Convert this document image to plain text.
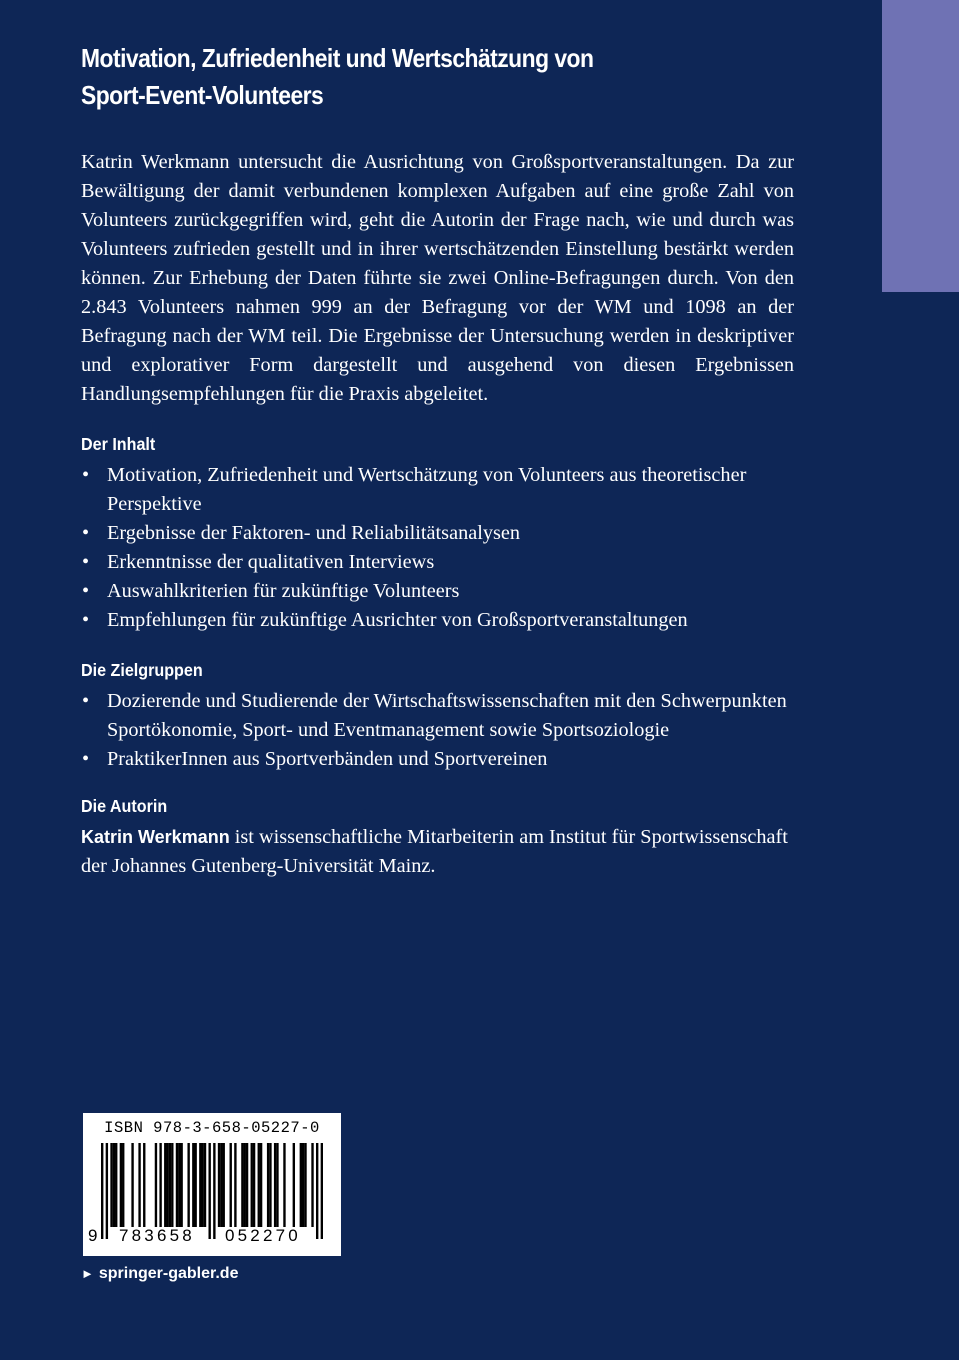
Motivation, Zufriedenheit und Wertschätzung von
Sport-Event-Volunteers

Katrin Werkmann untersucht die Ausrichtung von Großsportveranstaltungen. Da zur Bewältigung der damit verbundenen komplexen Aufgaben auf eine große Zahl von Volunteers zurückgegriffen wird, geht die Autorin der Frage nach, wie und durch was Volunteers zufrieden gestellt und in ihrer wertschätzenden Einstellung bestärkt werden können. Zur Erhebung der Daten führte sie zwei Online-Befragungen durch. Von den 2.843 Volunteers nahmen 999 an der Befragung vor der WM und 1098 an der Befragung nach der WM teil. Die Ergebnisse der Untersuchung werden in deskriptiver und explorativer Form dargestellt und ausgehend von diesen Ergebnissen Handlungsempfehlungen für die Praxis abgeleitet.

Der Inhalt
• Motivation, Zufriedenheit und Wertschätzung von Volunteers aus theoretischer Perspektive
• Ergebnisse der Faktoren- und Reliabilitätsanalysen
• Erkenntnisse der qualitativen Interviews
• Auswahlkriterien für zukünftige Volunteers
• Empfehlungen für zukünftige Ausrichter von Großsportveranstaltungen
Die Zielgruppen
• Dozierende und Studierende der Wirtschaftswissenschaften mit den Schwerpunkten Sportökonomie, Sport- und Eventmanagement sowie Sportsoziologie
• PraktikerInnen aus Sportverbänden und Sportvereinen
Die Autorin

Katrin Werkmann ist wissenschaftliche Mitarbeiterin am Institut für Sportwissenschaft der Johannes Gutenberg-Universität Mainz.

ISBN 978-3-658-05227-0
9 783658	052270
► springer-gabler.de
